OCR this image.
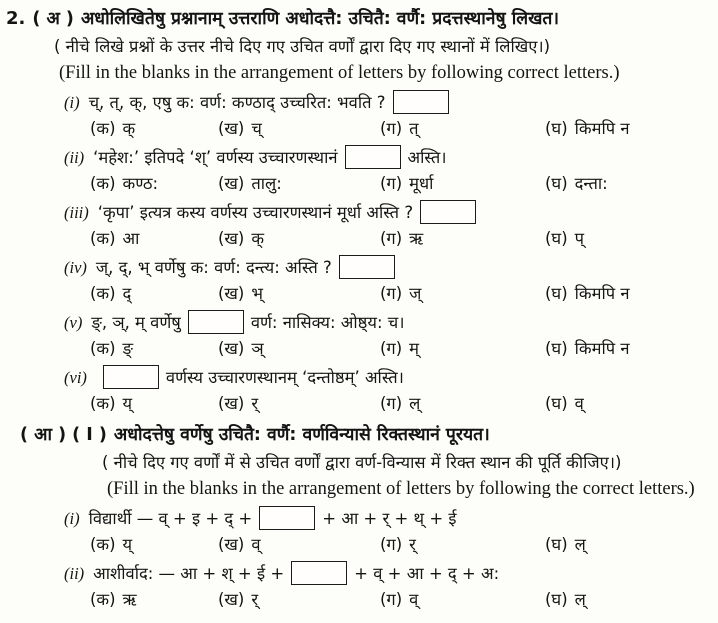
2. ( अ ) अधोलिखितेषु प्रश्नानाम् उत्तराणि अधोदत्तै: उचितै: वर्णै: प्रदत्तस्थानेषु लिखत।
( नीचे लिखे प्रश्नों के उत्तर नीचे दिए गए उचित वर्णों द्वारा दिए गए स्थानों में लिखिए।)
(Fill in the blanks in the arrangement of letters by following correct letters.)
(i) च्, त्, क्, एषु क: वर्ण: कण्ठाद् उच्चरित: भवति ?
(क) क्	(ख) च्	(ग) त्	(घ) किमपि न
(ii) ‘महेश:’ इतिपदे ‘श्’ वर्णस्य उच्चारणस्थानं	अस्ति।
(क) कण्ठ:	(ख) तालु:	(ग) मूर्धा	(घ) दन्ता:
(iii) ‘कृपा’ इत्यत्र कस्य वर्णस्य उच्चारणस्थानं मूर्धा अस्ति ?
(क) आ	(ख) क्	(ग) ऋ	(घ) प्
(iv) ज्, द्, भ् वर्णेषु क: वर्ण: दन्त्य: अस्ति ?
(क) द्	(ख) भ्	(ग) ज्	(घ) किमपि न
(v) ङ्, ञ्, म् वर्णेषु	वर्ण: नासिक्य: ओष्ठ्य: च।
(क) ङ्	(ख) ञ्	(ग) म्	(घ) किमपि न
(vi)	वर्णस्य उच्चारणस्थानम् ‘दन्तोष्ठम्’ अस्ति।
(क) य्	(ख) र्	(ग) ल्	(घ) व्
( आ ) ( I ) अधोदत्तेषु वर्णेषु उचितै: वर्णै: वर्णविन्यासे रिक्तस्थानं पूरयत।
( नीचे दिए गए वर्णों में से उचित वर्णों द्वारा वर्ण-विन्यास में रिक्त स्थान की पूर्ति कीजिए।)
(Fill in the blanks in the arrangement of letters by following the correct letters.)
(i) विद्यार्थी — व् + इ + द् +	+ आ + र् + थ् + ई
(क) य्	(ख) व्	(ग) र्	(घ) ल्
(ii) आशीर्वाद: — आ + श् + ई +	+ व् + आ + द् + अ:
(क) ऋ	(ख) र्	(ग) व्	(घ) ल्
